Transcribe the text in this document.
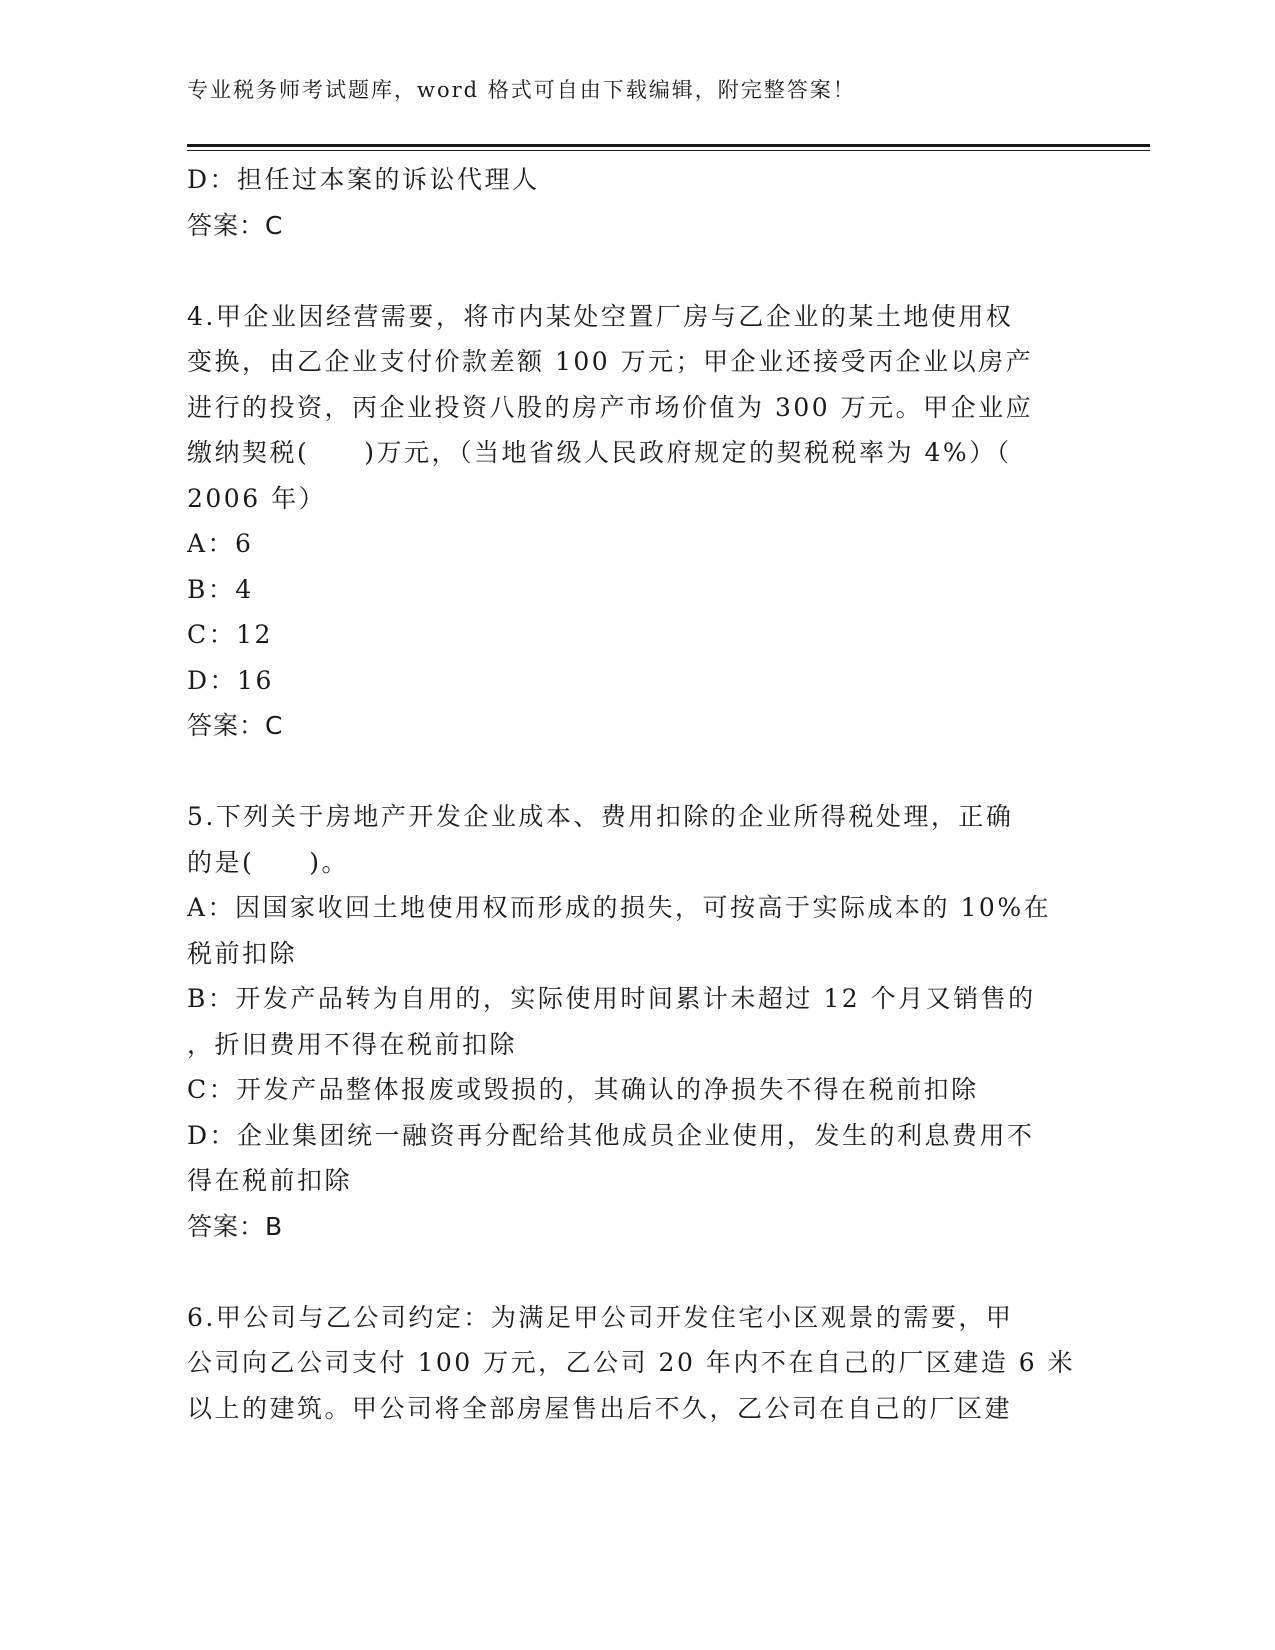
专业税务师考试题库，word 格式可自由下载编辑，附完整答案！
D：担任过本案的诉讼代理人
答案：C
4.甲企业因经营需要，将市内某处空置厂房与乙企业的某土地使用权
变换，由乙企业支付价款差额 100 万元；甲企业还接受丙企业以房产
进行的投资，丙企业投资八股的房产市场价值为 300 万元。甲企业应
缴纳契税(　　)万元，（当地省级人民政府规定的契税税率为 4%）（
2006 年）
A：6
B：4
C：12
D：16
答案：C
5.下列关于房地产开发企业成本、费用扣除的企业所得税处理，正确
的是(　　)。
A：因国家收回土地使用权而形成的损失，可按高于实际成本的 10%在
税前扣除
B：开发产品转为自用的，实际使用时间累计未超过 12 个月又销售的
，折旧费用不得在税前扣除
C：开发产品整体报废或毁损的，其确认的净损失不得在税前扣除
D：企业集团统一融资再分配给其他成员企业使用，发生的利息费用不
得在税前扣除
答案：B
6.甲公司与乙公司约定：为满足甲公司开发住宅小区观景的需要，甲
公司向乙公司支付 100 万元，乙公司 20 年内不在自己的厂区建造 6 米
以上的建筑。甲公司将全部房屋售出后不久，乙公司在自己的厂区建
